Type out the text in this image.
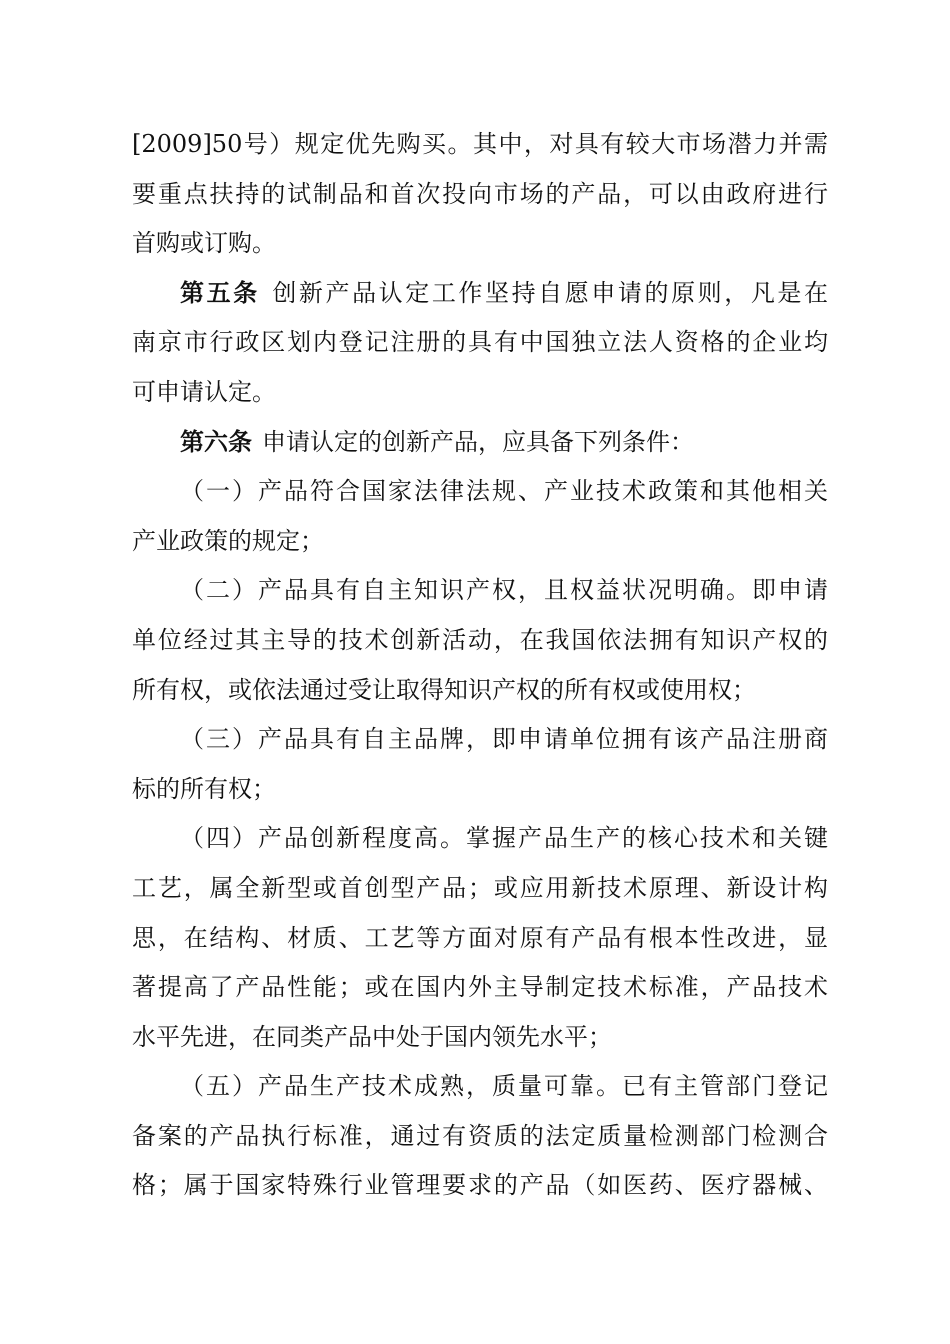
[2009]50号）规定优先购买。其中，对具有较大市场潜力并需
要重点扶持的试制品和首次投向市场的产品，可以由政府进行
首购或订购。
第五条 创新产品认定工作坚持自愿申请的原则，凡是在
南京市行政区划内登记注册的具有中国独立法人资格的企业均
可申请认定。
第六条 申请认定的创新产品，应具备下列条件：
（一）产品符合国家法律法规、产业技术政策和其他相关
产业政策的规定；
（二）产品具有自主知识产权，且权益状况明确。即申请
单位经过其主导的技术创新活动，在我国依法拥有知识产权的
所有权，或依法通过受让取得知识产权的所有权或使用权；
（三）产品具有自主品牌，即申请单位拥有该产品注册商
标的所有权；
（四）产品创新程度高。掌握产品生产的核心技术和关键
工艺，属全新型或首创型产品；或应用新技术原理、新设计构
思，在结构、材质、工艺等方面对原有产品有根本性改进，显
著提高了产品性能；或在国内外主导制定技术标准，产品技术
水平先进，在同类产品中处于国内领先水平；
（五）产品生产技术成熟，质量可靠。已有主管部门登记
备案的产品执行标准，通过有资质的法定质量检测部门检测合
格；属于国家特殊行业管理要求的产品（如医药、医疗器械、
